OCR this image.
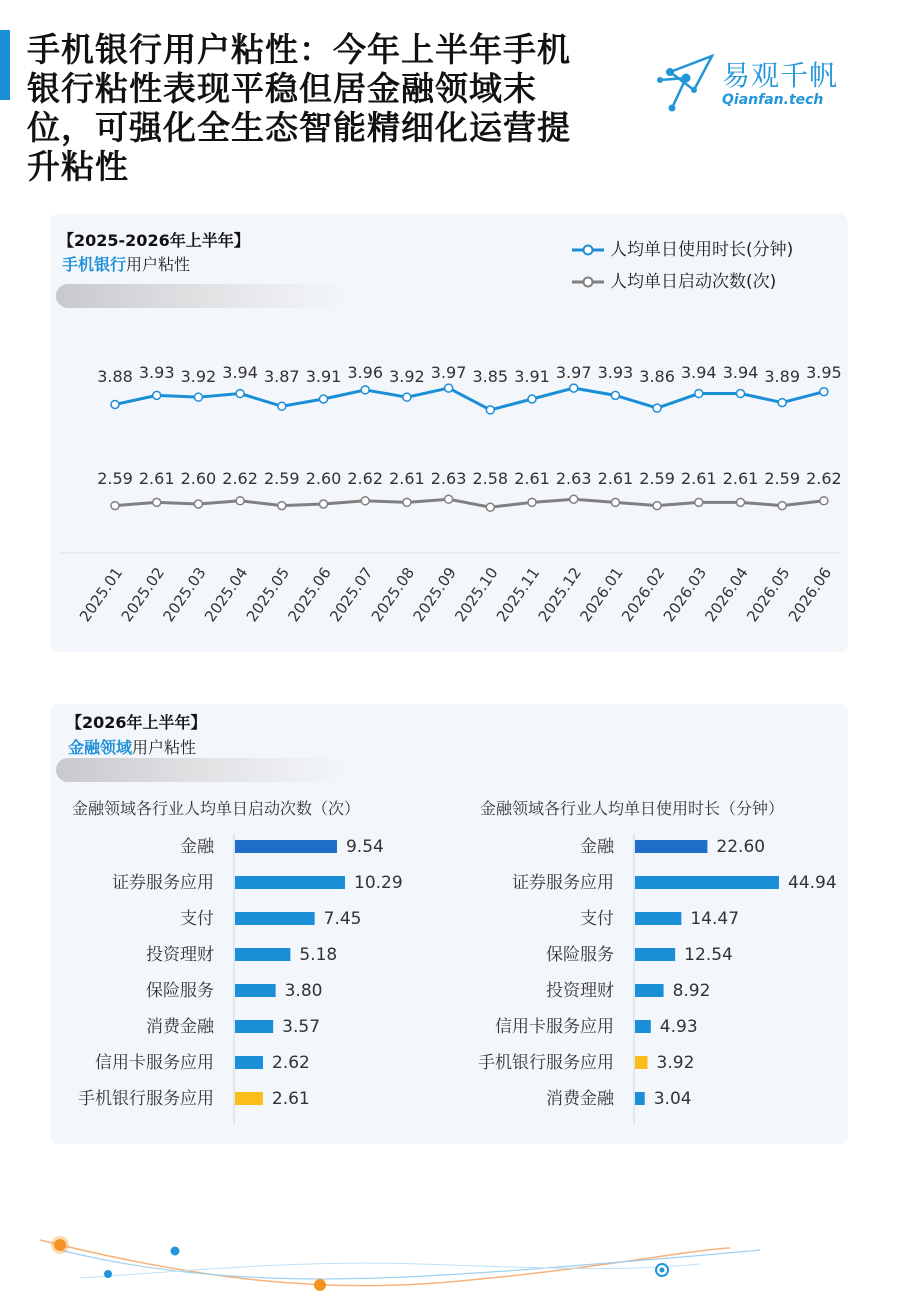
手机银行用户粘性：今年上半年手机银行粘性表现平稳但居金融领域末位，可强化全生态智能精细化运营提升粘性
易观千帆
Qianfan.tech
【2025-2026年上半年】
手机银行用户粘性
人均单日使用时长(分钟)
人均单日启动次数(次)
3.88 3.93 3.92 3.94 3.87 3.91 3.96 3.92 3.97 3.85 3.91 3.97 3.93 3.86 3.94 3.94 3.89 3.95
2.59 2.61 2.60 2.62 2.59 2.60 2.62 2.61 2.63 2.58 2.61 2.63 2.61 2.59 2.61 2.61 2.59 2.62
2025.01
2025.02
2025.03
2025.04
2025.05
2025.06
2025.07
2025.08
2025.09
2025.10
2025.11
2025.12
2026.01
2026.02
2026.03
2026.04
2026.05
2026.06
【2026年上半年】
金融领域用户粘性
金融领域各行业人均单日启动次数（次）	金融领域各行业人均单日使用时长（分钟）
金融	9.54
证券服务应用	10.29
支付	7.45
投资理财	5.18
保险服务	3.80
消费金融	3.57
信用卡服务应用	2.62
手机银行服务应用	2.61
金融	22.60
证券服务应用	44.94
支付	14.47
保险服务	12.54
投资理财	8.92
信用卡服务应用	4.93
手机银行服务应用	3.92
消费金融 3.04
